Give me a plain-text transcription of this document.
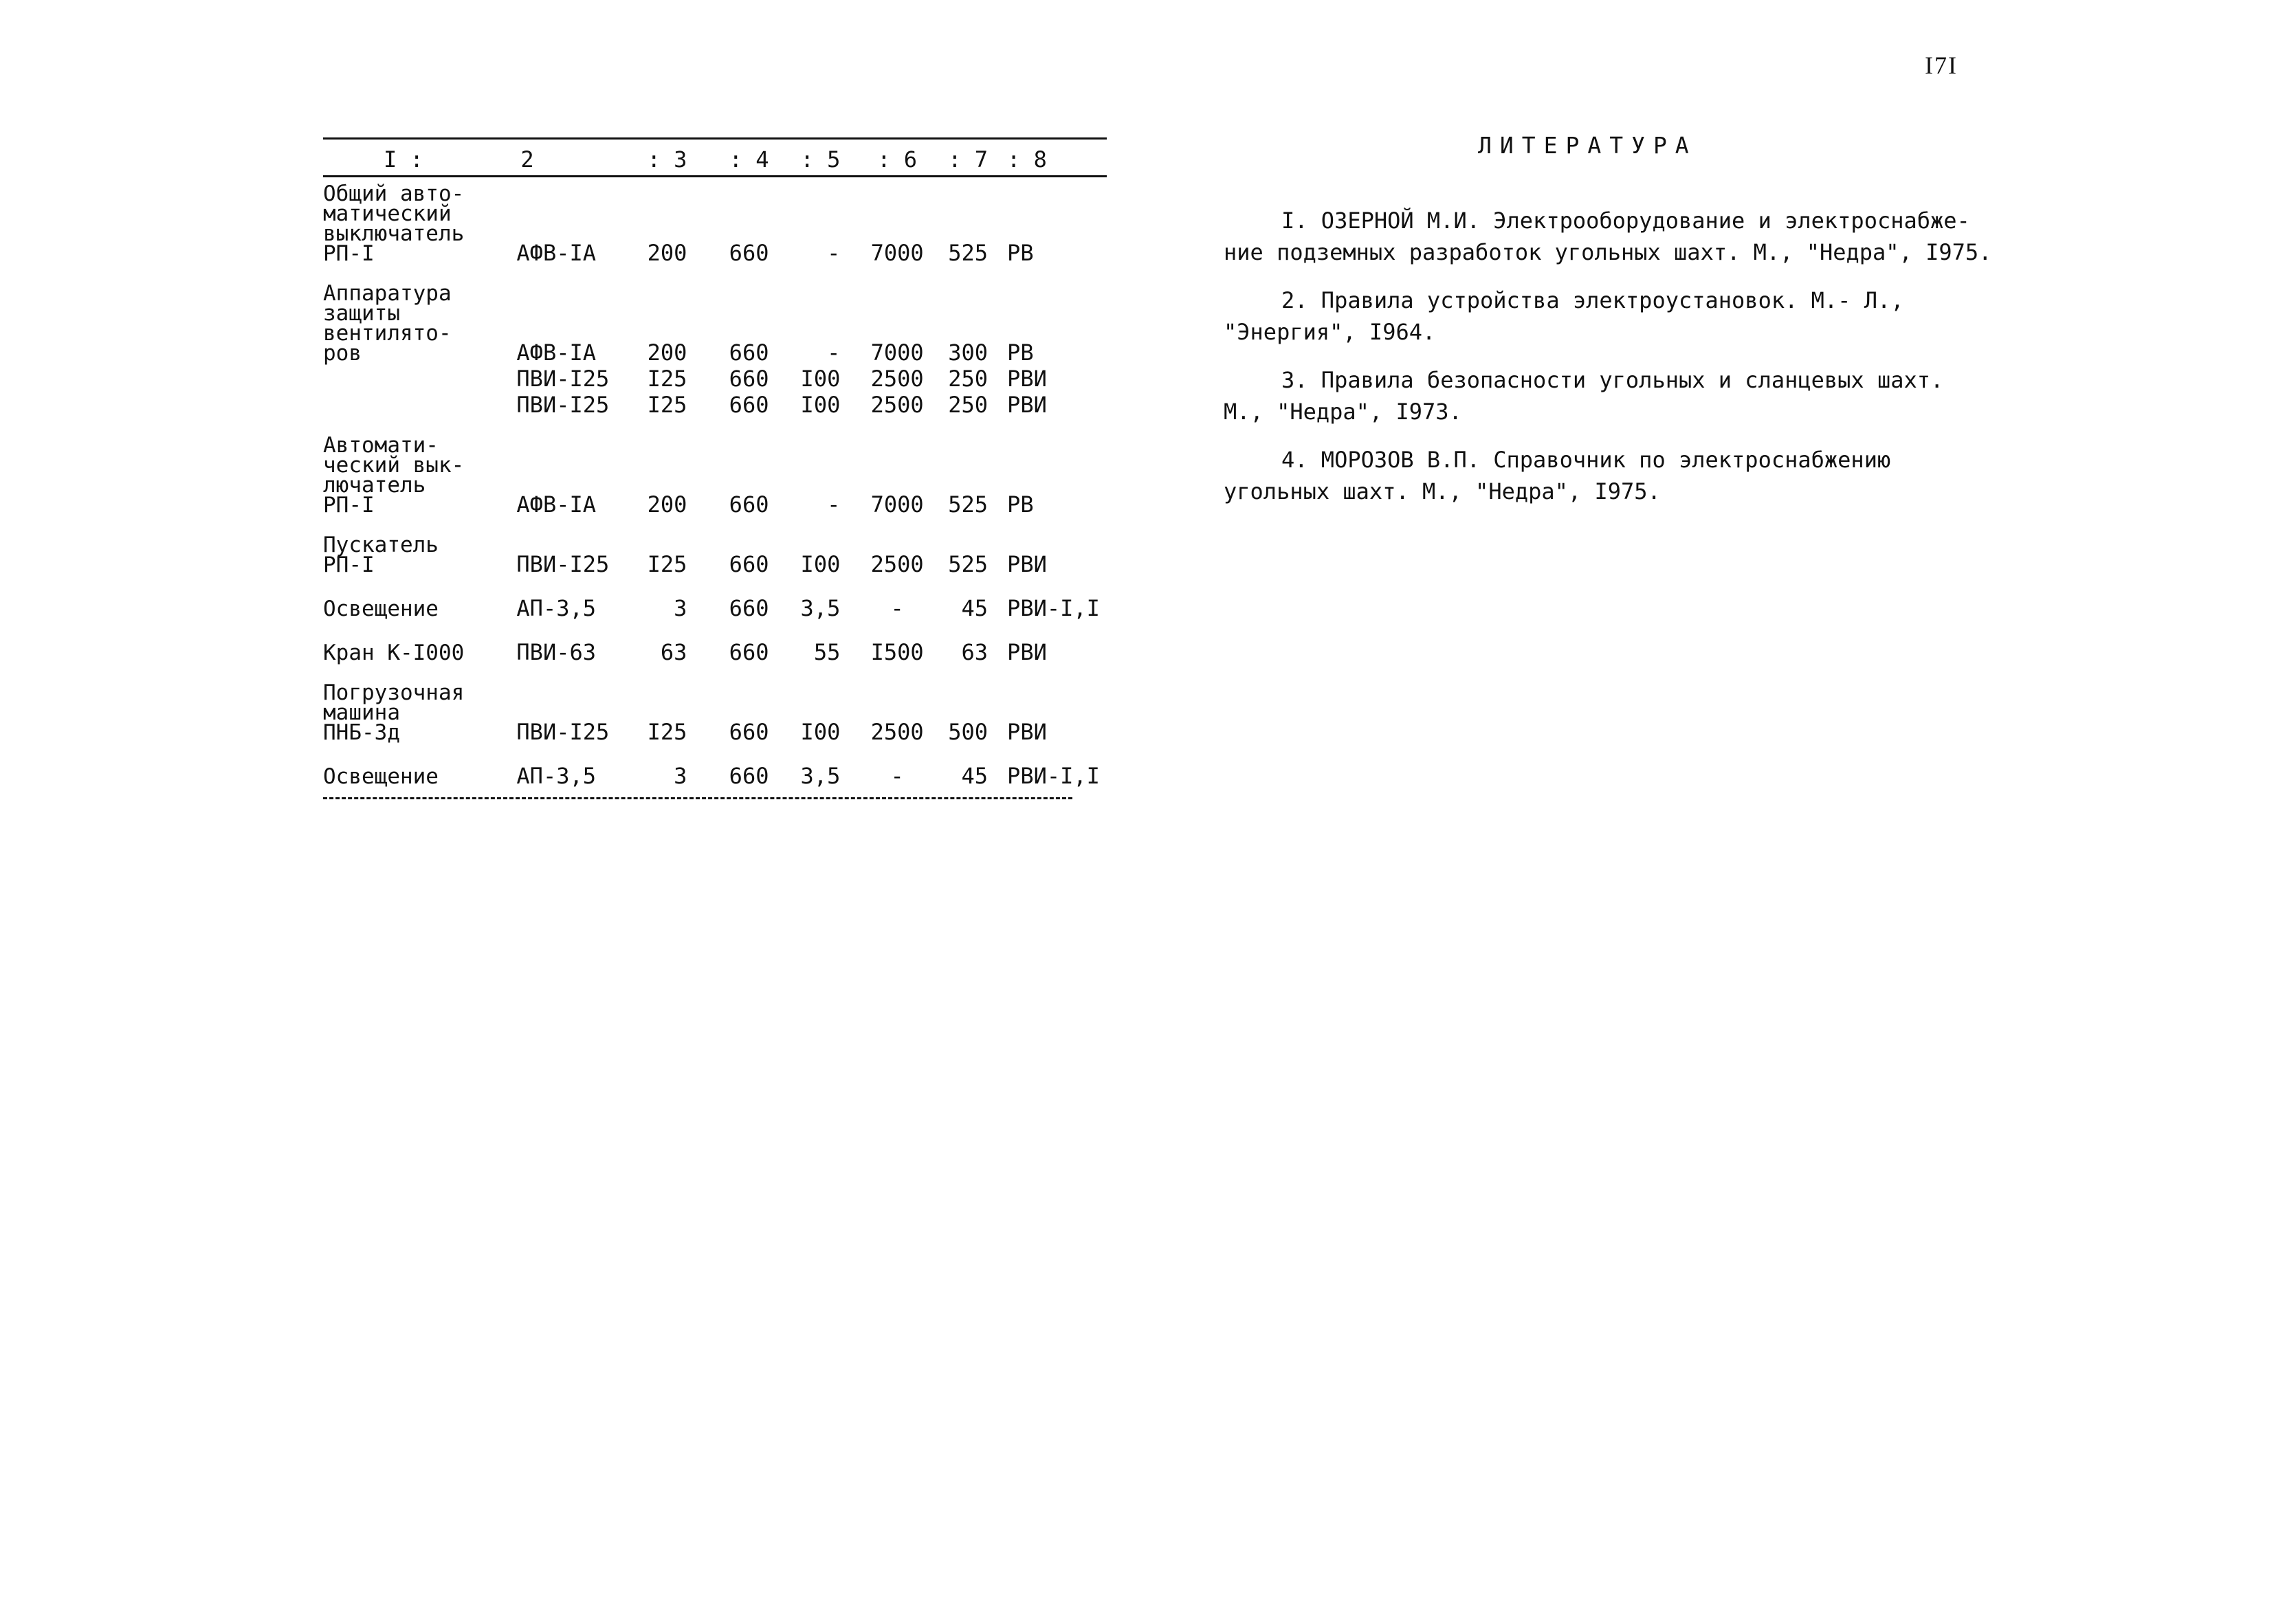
I7I
I :	2	: 3	: 4	: 5	: 6	: 7	: 8

Общий авто-
матический
выключатель
РП-I	АФВ-IА	200	660	-	7000	525	РВ

Аппаратура
защиты
вентилято-
ров	АФВ-IА	200	660	-	7000	300	РВ
	ПВИ-I25	I25	660	I00	2500	250	РВИ
	ПВИ-I25	I25	660	I00	2500	250	РВИ

Автомати-
ческий вык-
лючатель
РП-I	АФВ-IА	200	660	-	7000	525	РВ

Пускатель
РП-I	ПВИ-I25	I25	660	I00	2500	525	РВИ

Освещение	АП-3,5	3	660	3,5	-	45	РВИ-I,I

Кран К-I000	ПВИ-63	63	660	55	I500	63	РВИ

Погрузочная
машина
ПНБ-3д	ПВИ-I25	I25	660	I00	2500	500	РВИ

Освещение	АП-3,5	3	660	3,5	-	45	РВИ-I,I
ЛИТЕРАТУРА
I. ОЗЕРНОЙ М.И. Электрооборудование и электроснабже-
ние подземных разработок угольных шахт. М., "Недра", I975.
2. Правила устройства электроустановок. М.- Л.,
"Энергия", I964.
3. Правила безопасности угольных и сланцевых шахт.
М., "Недра", I973.
4. МОРОЗОВ В.П. Справочник по электроснабжению
угольных шахт. М., "Недра", I975.
